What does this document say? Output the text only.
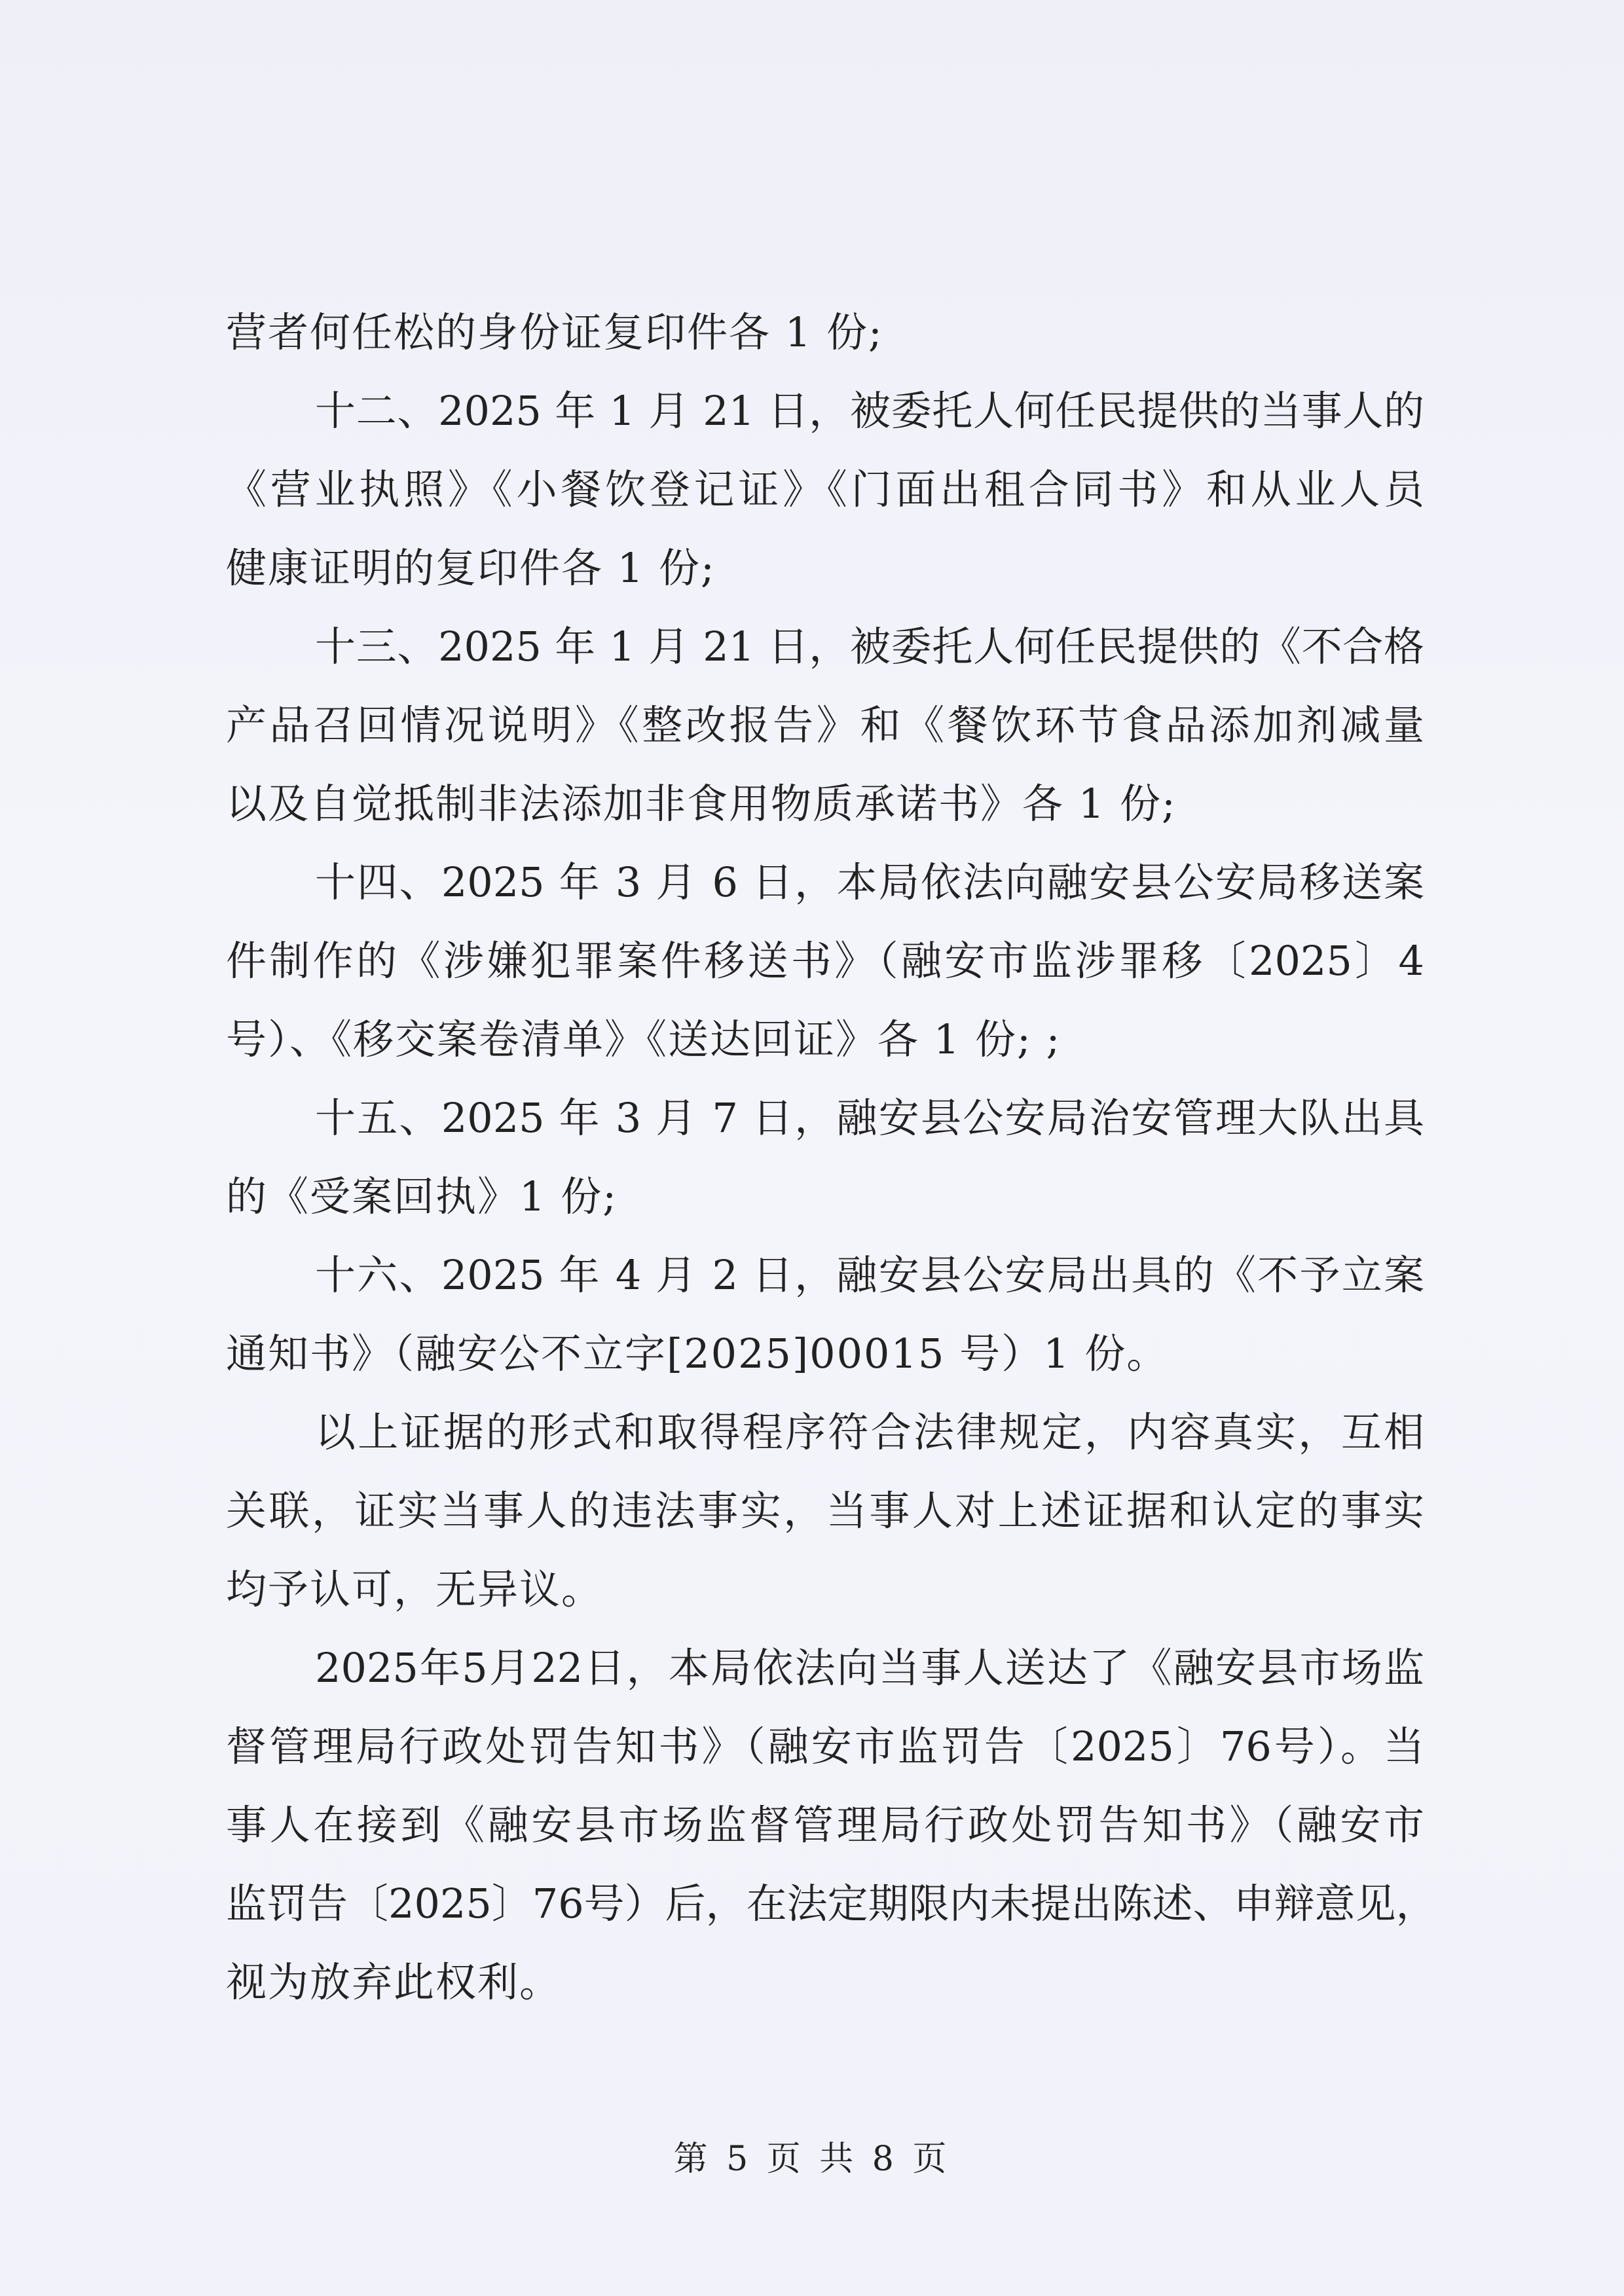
营者何任松的身份证复印件各 1 份;
十二、2025 年 1 月 21 日，被委托人何任民提供的当事人的
《营业执照》《小餐饮登记证》《门面出租合同书》和从业人员
健康证明的复印件各 1 份;
十三、2025 年 1 月 21 日，被委托人何任民提供的《不合格
产品召回情况说明》《整改报告》和《餐饮环节食品添加剂减量
以及自觉抵制非法添加非食用物质承诺书》各 1 份;
十四、2025 年 3 月 6 日，本局依法向融安县公安局移送案
件制作的《涉嫌犯罪案件移送书》（融安市监涉罪移〔2025〕4
号）、《移交案卷清单》《送达回证》各 1 份; ;
十五、2025 年 3 月 7 日，融安县公安局治安管理大队出具
的《受案回执》1 份;
十六、2025 年 4 月 2 日，融安县公安局出具的《不予立案
通知书》（融安公不立字[2025]00015 号）1 份。
以上证据的形式和取得程序符合法律规定，内容真实，互相
关联，证实当事人的违法事实，当事人对上述证据和认定的事实
均予认可，无异议。
2025年5月22日，本局依法向当事人送达了《融安县市场监
督管理局行政处罚告知书》（融安市监罚告〔2025〕76号）。当
事人在接到《融安县市场监督管理局行政处罚告知书》（融安市
监罚告〔2025〕76号）后，在法定期限内未提出陈述、申辩意见，
视为放弃此权利。
第 5 页 共 8 页
